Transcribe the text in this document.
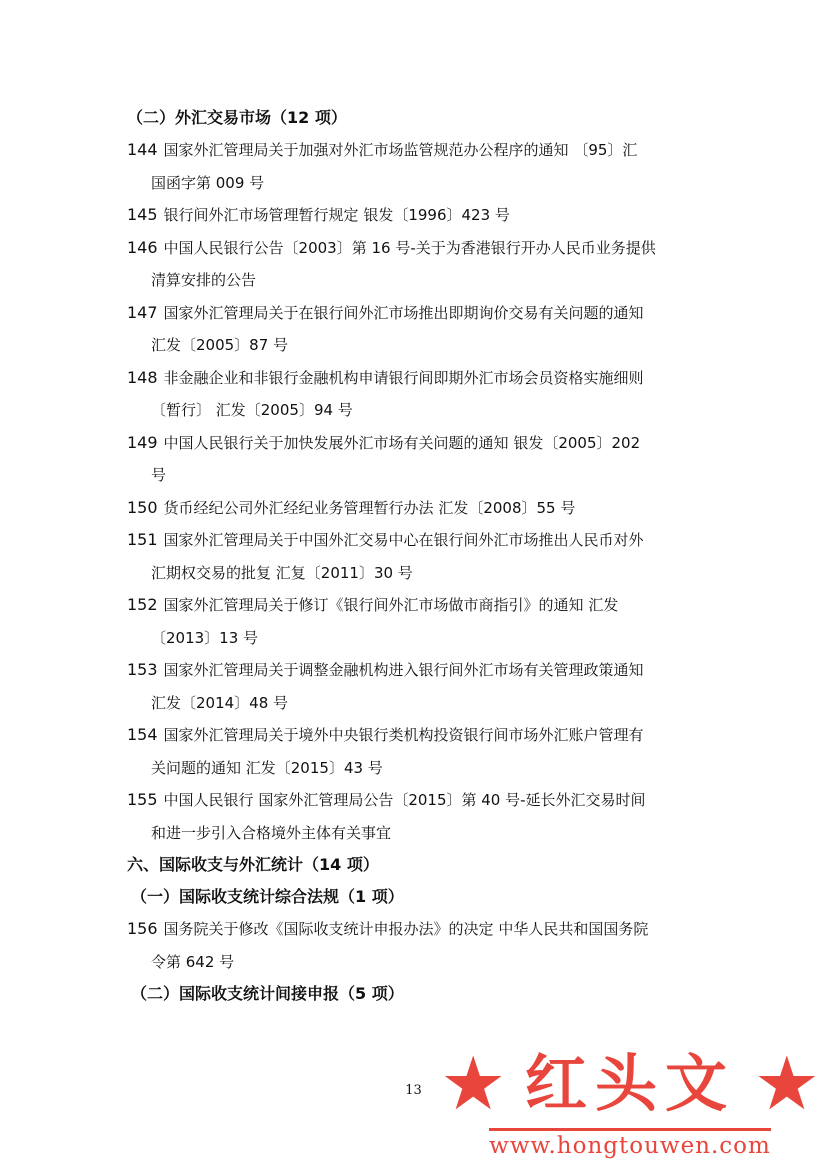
（二）外汇交易市场（12 项）
144 国家外汇管理局关于加强对外汇市场监管规范办公程序的通知 〔95〕汇
国函字第 009 号
145 银行间外汇市场管理暂行规定 银发〔1996〕423 号
146 中国人民银行公告〔2003〕第 16 号-关于为香港银行开办人民币业务提供
清算安排的公告
147 国家外汇管理局关于在银行间外汇市场推出即期询价交易有关问题的通知
汇发〔2005〕87 号
148 非金融企业和非银行金融机构申请银行间即期外汇市场会员资格实施细则
〔暂行〕 汇发〔2005〕94 号
149 中国人民银行关于加快发展外汇市场有关问题的通知 银发〔2005〕202
号
150 货币经纪公司外汇经纪业务管理暂行办法 汇发〔2008〕55 号
151 国家外汇管理局关于中国外汇交易中心在银行间外汇市场推出人民币对外
汇期权交易的批复 汇复〔2011〕30 号
152 国家外汇管理局关于修订《银行间外汇市场做市商指引》的通知 汇发
〔2013〕13 号
153 国家外汇管理局关于调整金融机构进入银行间外汇市场有关管理政策通知
汇发〔2014〕48 号
154 国家外汇管理局关于境外中央银行类机构投资银行间市场外汇账户管理有
关问题的通知 汇发〔2015〕43 号
155 中国人民银行 国家外汇管理局公告〔2015〕第 40 号-延长外汇交易时间
和进一步引入合格境外主体有关事宜
六、国际收支与外汇统计（14 项）
（一）国际收支统计综合法规（1 项）
156 国务院关于修改《国际收支统计申报办法》的决定 中华人民共和国国务院
令第 642 号
（二）国际收支统计间接申报（5 项）
13 ★ 红头文 ★
www.hongtouwen.com
